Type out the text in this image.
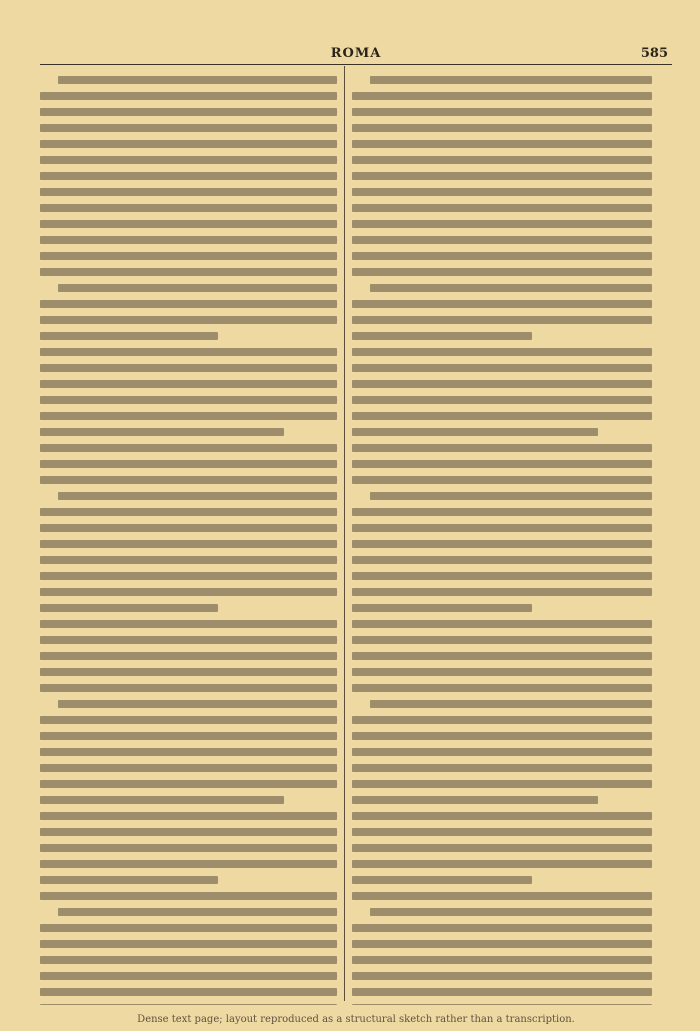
ROMA	585
Dense text page; layout reproduced as a structural sketch rather than a transcription.
